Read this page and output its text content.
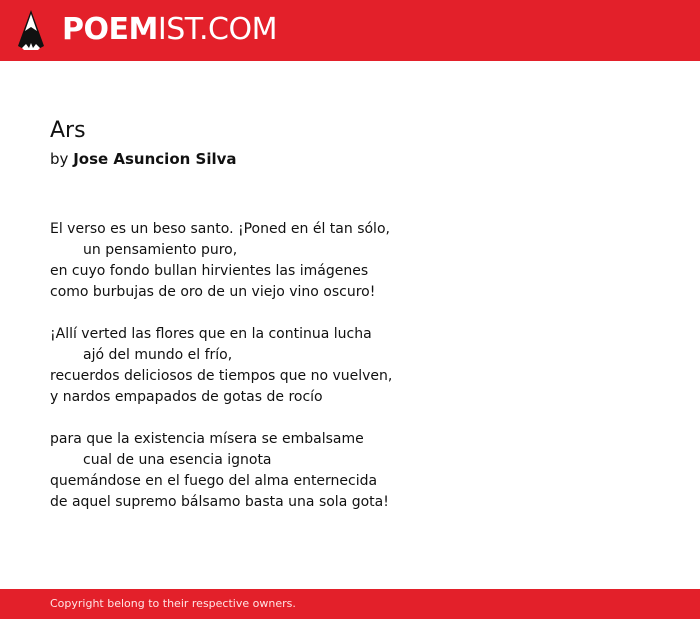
POEMIST.COM
Ars
by Jose Asuncion Silva
El verso es un beso santo. ¡Poned en él tan sólo,
un pensamiento puro,
en cuyo fondo bullan hirvientes las imágenes
como burbujas de oro de un viejo vino oscuro!
¡Allí verted las flores que en la continua lucha
ajó del mundo el frío,
recuerdos deliciosos de tiempos que no vuelven,
y nardos empapados de gotas de rocío
para que la existencia mísera se embalsame
cual de una esencia ignota
quemándose en el fuego del alma enternecida
de aquel supremo bálsamo basta una sola gota!
Copyright belong to their respective owners.
